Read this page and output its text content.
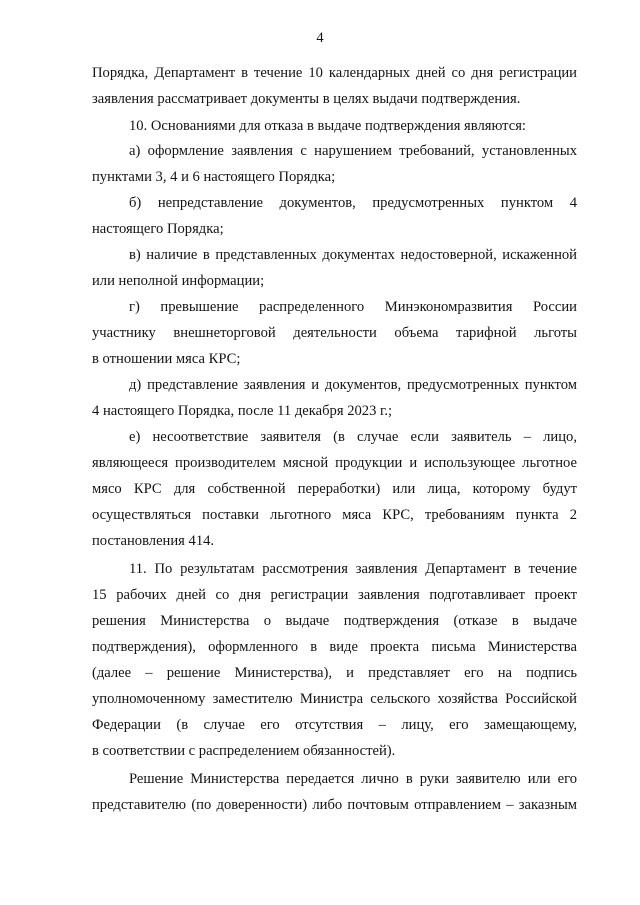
4
Порядка, Департамент в течение 10 календарных дней со дня регистрации
заявления рассматривает документы в целях выдачи подтверждения.
10. Основаниями для отказа в выдаче подтверждения являются:
а) оформление заявления с нарушением требований, установленных
пунктами 3, 4 и 6 настоящего Порядка;
б) непредставление документов, предусмотренных пунктом 4
настоящего Порядка;
в) наличие в представленных документах недостоверной, искаженной
или неполной информации;
г) превышение распределенного Минэкономразвития России
участнику внешнеторговой деятельности объема тарифной льготы
в отношении мяса КРС;
д) представление заявления и документов, предусмотренных пунктом
4 настоящего Порядка, после 11 декабря 2023 г.;
е) несоответствие заявителя (в случае если заявитель – лицо,
являющееся производителем мясной продукции и использующее льготное
мясо КРС для собственной переработки) или лица, которому будут
осуществляться поставки льготного мяса КРС, требованиям пункта 2
постановления 414.
11. По результатам рассмотрения заявления Департамент в течение
15 рабочих дней со дня регистрации заявления подготавливает проект
решения Министерства о выдаче подтверждения (отказе в выдаче
подтверждения), оформленного в виде проекта письма Министерства
(далее – решение Министерства), и представляет его на подпись
уполномоченному заместителю Министра сельского хозяйства Российской
Федерации (в случае его отсутствия – лицу, его замещающему,
в соответствии с распределением обязанностей).
Решение Министерства передается лично в руки заявителю или его
представителю (по доверенности) либо почтовым отправлением – заказным
